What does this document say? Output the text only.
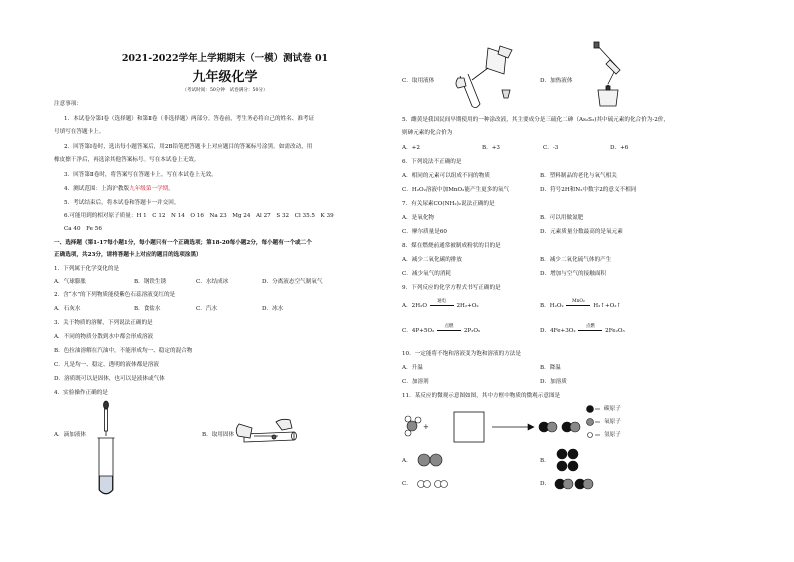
2021-2022学年上学期期末（一模）测试卷 01
九年级化学
（考试时间：50分钟　试卷满分：50分）
注意事项：
1．本试卷分第Ⅰ卷（选择题）和第Ⅱ卷（非选择题）两部分。答卷前，考生务必将自己的姓名、准考证
号填写在答题卡上。
2．回答第Ⅰ卷时，选出每小题答案后，用2B铅笔把答题卡上对应题目的答案标号涂黑。如需改动，用
橡皮擦干净后，再选涂其他答案标号。写在本试卷上无效。
3．回答第Ⅱ卷时，将答案写在答题卡上。写在本试卷上无效。
4．测试范围：上海沪教版九年级第一学期。
5．考试结束后，将本试卷和答题卡一并交回。
6.可能用到的相对原子质量：H 1　C 12　N 14　O 16　Na 23　Mg 24　Al 27　S 32　Cl 35.5　K 39
Ca 40　Fe 56
一、选择题（第1-17每小题1分，每小题只有一个正确选项；第18-20每小题2分，每小题有一个或二个
正确选项，共23分，请将答题卡上对应的题目的选项涂黑）
1．下列属于化学变化的是
A．气球膨胀	B．钢铁生锈	C．水结成冰	D．分离液态空气制氧气
2．含“水”的下列物质能使紫色石蕊溶液变红的是
A．石灰水	B．食盐水	C．汽水	D．冰水
3．关于物质的溶解，下列说法正确的是
A．不同的物质分散到水中都会形成溶液
B．色拉油溶解在汽油中，不能形成均一、稳定的混合物
C．凡是均一、稳定、透明的液体都是溶液
D．溶质既可以是固体，也可以是液体或气体
4．实验操作正确的是
A．滴加液体	B．取用固体
C．取用液体	D．加热液体
5．雌黄是我国民间早期使用的一种涂改液，其主要成分是三硫化二砷（As₂S₃)其中硫元素的化合价为-2价，
则砷元素的化合价为
A．+2	B．+3	C．-3	D．+6
6．下列说法不正确的是
A．相同的元素可以组成不同的物质	B．塑料制品的老化与氧气相关
C．H₂O₂溶液中加MnO₂能产生更多的氧气	D．符号2H和N₂中数字2的意义不相同
7．有关尿素CO(NH₂)₂说法正确的是
A．是氧化物	B．可以用做氮肥
C．摩尔质量是60	D．元素质量分数最高的是氧元素
8．煤在燃烧前通常被制成粉状的目的是
A．减少二氧化碳的排放	B．减少二氧化硫气体的产生
C．减少氧气的消耗	D．增加与空气的接触面积
9．下列反应的化学方程式书写正确的是
A．2H₂O
通电
2H₂+O₂	B．H₂O₂
MnO₂
H₂↑+O₂↑
C．4P+5O₂
点燃
2P₂O₅	D．4Fe+3O₂
点燃
2Fe₂O₃
10．一定能将不饱和溶液变为饱和溶液的方法是
A．升温	B．降温
C．加溶剂	D．加溶质
11．某反应的微观示意图如图，其中方框中物质的微观示意图是
+
碳原子
氧原子
氢原子
A．	B．
C．	D．
